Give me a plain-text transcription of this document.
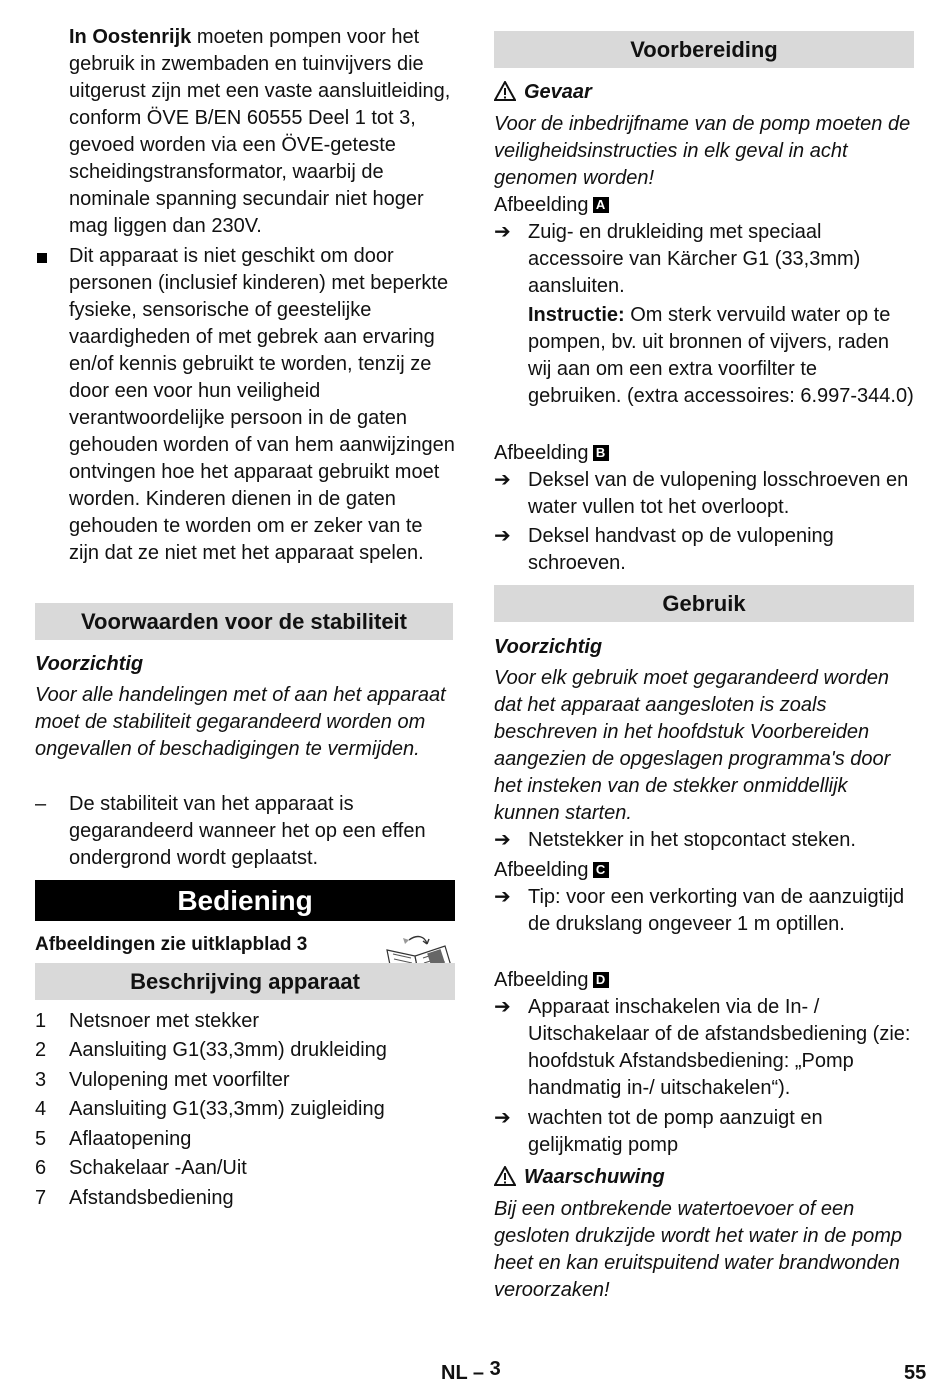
In Oostenrijk moeten pompen voor het gebruik in zwembaden en tuinvijvers die uitgerust zijn met een vaste aansluitleiding, conform ÖVE B/EN 60555 Deel 1 tot 3, gevoed worden via een ÖVE-geteste scheidingstransformator, waarbij de nominale spanning secundair niet hoger mag liggen dan 230V.
Dit apparaat is niet geschikt om door personen (inclusief kinderen) met beperkte fysieke, sensorische of geestelijke vaardigheden of met gebrek aan ervaring en/of kennis gebruikt te worden, tenzij ze door een voor hun veiligheid verantwoordelijke persoon in de gaten gehouden worden of van hem aanwijzingen ontvingen hoe het apparaat gebruikt moet worden. Kinderen dienen in de gaten gehouden te worden om er zeker van te zijn dat ze niet met het apparaat spelen.
Voorwaarden voor de stabiliteit
Voorzichtig
Voor alle handelingen met of aan het apparaat moet de stabiliteit gegarandeerd worden om ongevallen of beschadigingen te vermijden.
– De stabiliteit van het apparaat is gegarandeerd wanneer het op een effen ondergrond wordt geplaatst.
Bediening
Afbeeldingen zie uitklapblad 3
Beschrijving apparaat
1 Netsnoer met stekker
2 Aansluiting G1(33,3mm) drukleiding
3 Vulopening met voorfilter
4 Aansluiting G1(33,3mm) zuigleiding
5 Aflaatopening
6 Schakelaar -Aan/Uit
7 Afstandsbediening
Voorbereiding
Gevaar
Voor de inbedrijfname van de pomp moeten de veiligheidsinstructies in elk geval in acht genomen worden!
Afbeelding A
➔ Zuig- en drukleiding met speciaal accessoire van Kärcher G1 (33,3mm) aansluiten.
Instructie: Om sterk vervuild water op te pompen, bv. uit bronnen of vijvers, raden wij aan om een extra voorfilter te gebruiken. (extra accessoires: 6.997-344.0)
Afbeelding B
➔ Deksel van de vulopening losschroeven en water vullen tot het overloopt.
➔ Deksel handvast op de vulopening schroeven.
Gebruik
Voorzichtig
Voor elk gebruik moet gegarandeerd worden dat het apparaat aangesloten is zoals beschreven in het hoofdstuk Voorbereiden aangezien de opgeslagen programma's door het insteken van de stekker onmiddellijk kunnen starten.
➔ Netstekker in het stopcontact steken.
Afbeelding C
➔ Tip: voor een verkorting van de aanzuigtijd de drukslang ongeveer 1 m optillen.
Afbeelding D
➔ Apparaat inschakelen via de In- / Uitschakelaar of de afstandsbediening (zie: hoofdstuk Afstandsbediening: „Pomp handmatig in-/ uitschakelen“).
➔ wachten tot de pomp aanzuigt en gelijkmatig pomp
Waarschuwing
Bij een ontbrekende watertoevoer of een gesloten drukzijde wordt het water in de pomp heet en kan eruitspuitend water brandwonden veroorzaken!
NL – 3	55
